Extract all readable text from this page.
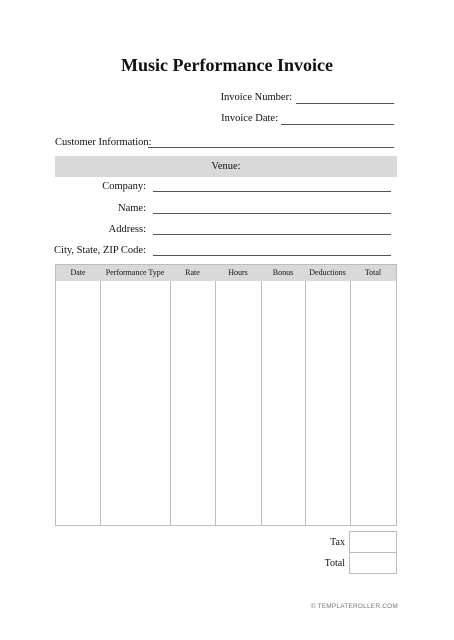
Music Performance Invoice
Invoice Number:
Invoice Date:
Customer Information:
Venue:
Company:
Name:
Address:
City, State, ZIP Code:
Date	Performance Type	Rate	Hours	Bonus	Deductions	Total
Tax
Total
© TEMPLATEROLLER.COM
